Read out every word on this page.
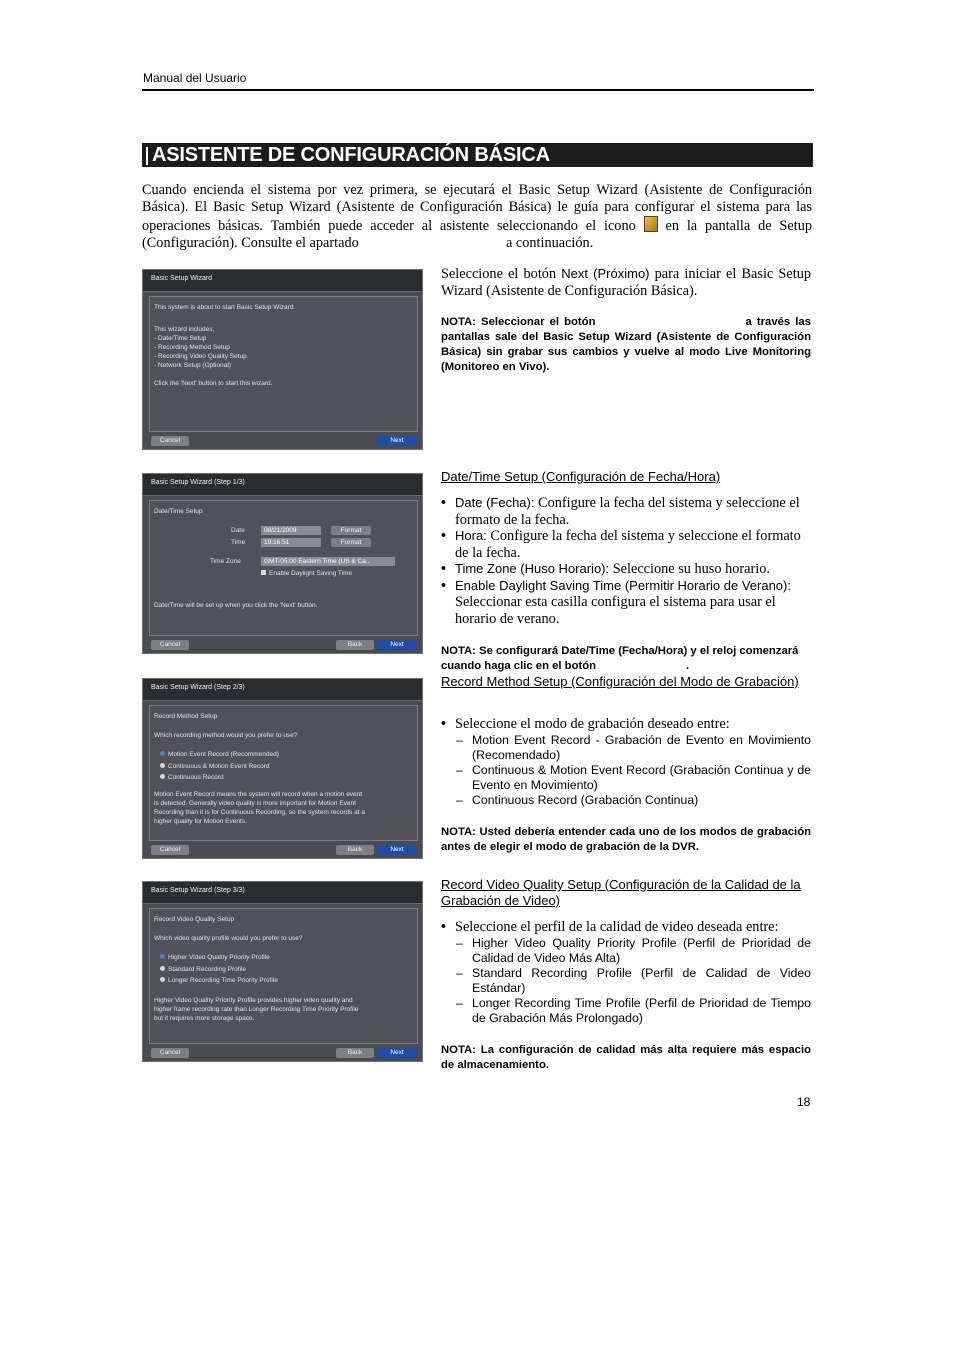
Manual del Usuario
ASISTENTE DE CONFIGURACIÓN BÁSICA
Cuando encienda el sistema por vez primera, se ejecutará el Basic Setup Wizard (Asistente de Configuración Básica). El Basic Setup Wizard (Asistente de Configuración Básica) le guía para configurar el sistema para las operaciones básicas. También puede acceder al asistente seleccionando el icono en la pantalla de Setup (Configuración). Consulte el apartado	a continuación.
Basic Setup Wizard
This system is about to start Basic Setup Wizard.
This wizard includes;
- Date/Time Setup
- Recording Method Setup
- Recording Video Quality Setup
- Network Setup (Optional)
Click the 'Next' button to start this wizard.
Cancel	Next
Seleccione el botón Next (Próximo) para iniciar el Basic Setup Wizard (Asistente de Configuración Básica).
NOTA: Seleccionar el botón	a través las pantallas sale del Basic Setup Wizard (Asistente de Configuración Básica) sin grabar sus cambios y vuelve al modo Live Monitoring (Monitoreo en Vivo).
Basic Setup Wizard (Step 1/3)
Date/Time Setup
Date	08/21/2009	Format
Time	19:16:51	Format
Time Zone	GMT-05:00 Eastern Time (US & Ca..
Enable Daylight Saving Time
Date/Time will be set up when you click the 'Next' button.
Cancel	Back	Next
Date/Time Setup (Configuración de Fecha/Hora)
• Date (Fecha): Configure la fecha del sistema y seleccione el formato de la fecha.
• Hora: Configure la fecha del sistema y seleccione el formato de la fecha.
• Time Zone (Huso Horario): Seleccione su huso horario.
• Enable Daylight Saving Time (Permitir Horario de Verano): Seleccionar esta casilla configura el sistema para usar el horario de verano.
NOTA: Se configurará Date/Time (Fecha/Hora) y el reloj comenzará cuando haga clic en el botón	.
Basic Setup Wizard (Step 2/3)
Record Method Setup
Which recording method would you prefer to use?
Motion Event Record (Recommended)
Continuous & Motion Event Record
Continuous Record
Motion Event Record means the system will record when a motion event
is detected. Generally video quality is more important for Motion Event
Recording than it is for Continuous Recording, so the system records at a
higher quality for Motion Events.
Cancel	Back	Next
Record Method Setup (Configuración del Modo de Grabación)
• Seleccione el modo de grabación deseado entre:
– Motion Event Record - Grabación de Evento en Movimiento (Recomendado)
– Continuous & Motion Event Record (Grabación Continua y de Evento en Movimiento)
– Continuous Record (Grabación Continua)
NOTA: Usted debería entender cada uno de los modos de grabación antes de elegir el modo de grabación de la DVR.
Basic Setup Wizard (Step 3/3)
Record Video Quality Setup
Which video quality profile would you prefer to use?
Higher Video Quality Priority Profile
Standard Recording Profile
Longer Recording Time Priority Profile
Higher Video Quality Priority Profile provides higher video quality and
higher frame recording rate than Longer Recording Time Priority Profile
but it requires more storage space.
Cancel	Back	Next
Record Video Quality Setup (Configuración de la Calidad de la Grabación de Video)
• Seleccione el perfil de la calidad de video deseada entre:
– Higher Video Quality Priority Profile (Perfil de Prioridad de Calidad de Video Más Alta)
– Standard Recording Profile (Perfil de Calidad de Video Estándar)
– Longer Recording Time Profile (Perfil de Prioridad de Tiempo de Grabación Más Prolongado)
NOTA: La configuración de calidad más alta requiere más espacio de almacenamiento.
18
